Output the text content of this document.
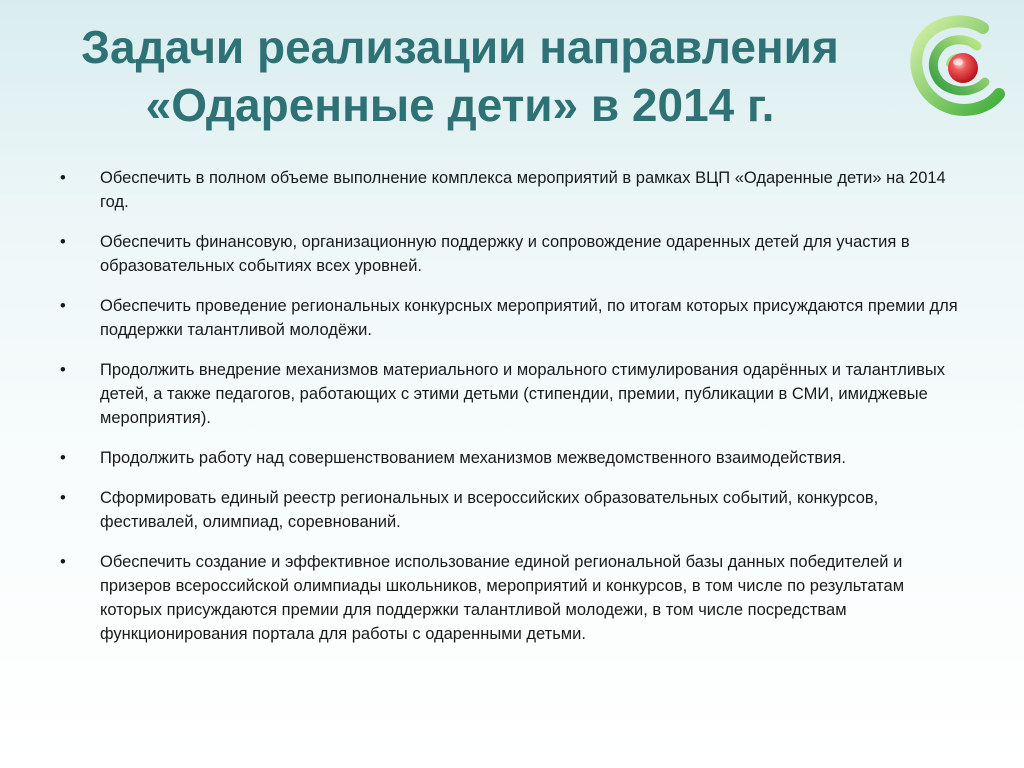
Задачи реализации направления
«Одаренные дети» в 2014 г.
•	Обеспечить в полном объеме выполнение комплекса мероприятий в рамках ВЦП «Одаренные дети» на 2014 год.
•	Обеспечить финансовую, организационную поддержку и сопровождение одаренных детей для участия в образовательных событиях всех уровней.
•	Обеспечить проведение региональных конкурсных мероприятий, по итогам которых присуждаются премии для поддержки талантливой молодёжи.
•	Продолжить внедрение механизмов материального и морального стимулирования одарённых и талантливых детей, а также педагогов, работающих с этими детьми (стипендии, премии, публикации в СМИ, имиджевые мероприятия).
•	Продолжить работу над совершенствованием механизмов межведомственного взаимодействия.
•	Сформировать единый реестр региональных и всероссийских образовательных событий, конкурсов, фестивалей, олимпиад, соревнований.
•	Обеспечить создание и эффективное использование единой региональной базы данных победителей и призеров всероссийской олимпиады школьников, мероприятий и конкурсов, в том числе по результатам которых присуждаются премии для поддержки талантливой молодежи, в том числе посредствам функционирования портала для работы с одаренными детьми.
